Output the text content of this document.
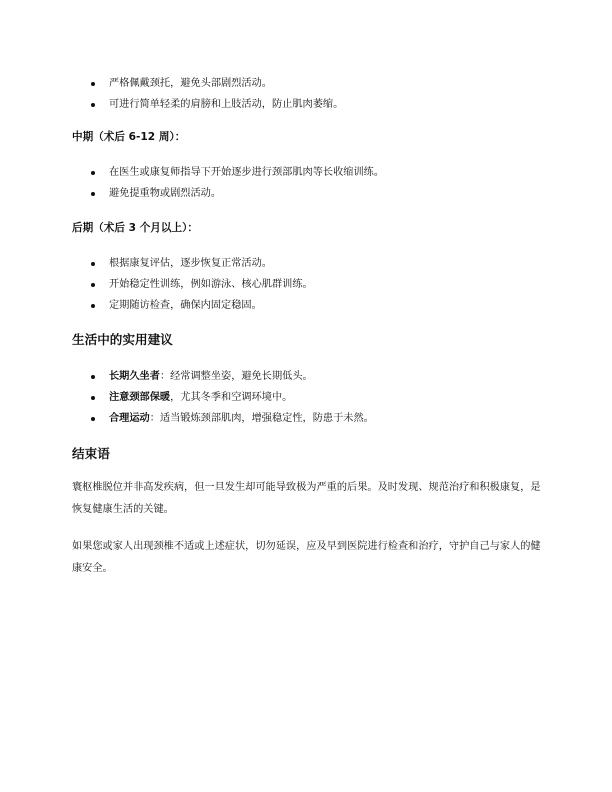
严格佩戴颈托，避免头部剧烈活动。
可进行简单轻柔的肩膀和上肢活动，防止肌肉萎缩。
中期（术后 6-12 周）：
在医生或康复师指导下开始逐步进行颈部肌肉等长收缩训练。
避免提重物或剧烈活动。
后期（术后 3 个月以上）：
根据康复评估，逐步恢复正常活动。
开始稳定性训练，例如游泳、核心肌群训练。
定期随访检查，确保内固定稳固。
生活中的实用建议
长期久坐者：经常调整坐姿，避免长期低头。
注意颈部保暖，尤其冬季和空调环境中。
合理运动：适当锻炼颈部肌肉，增强稳定性，防患于未然。
结束语

寰枢椎脱位并非高发疾病，但一旦发生却可能导致极为严重的后果。及时发现、规范治疗和积极康复，是恢复健康生活的关键。

如果您或家人出现颈椎不适或上述症状，切勿延误，应及早到医院进行检查和治疗，守护自己与家人的健康安全。
